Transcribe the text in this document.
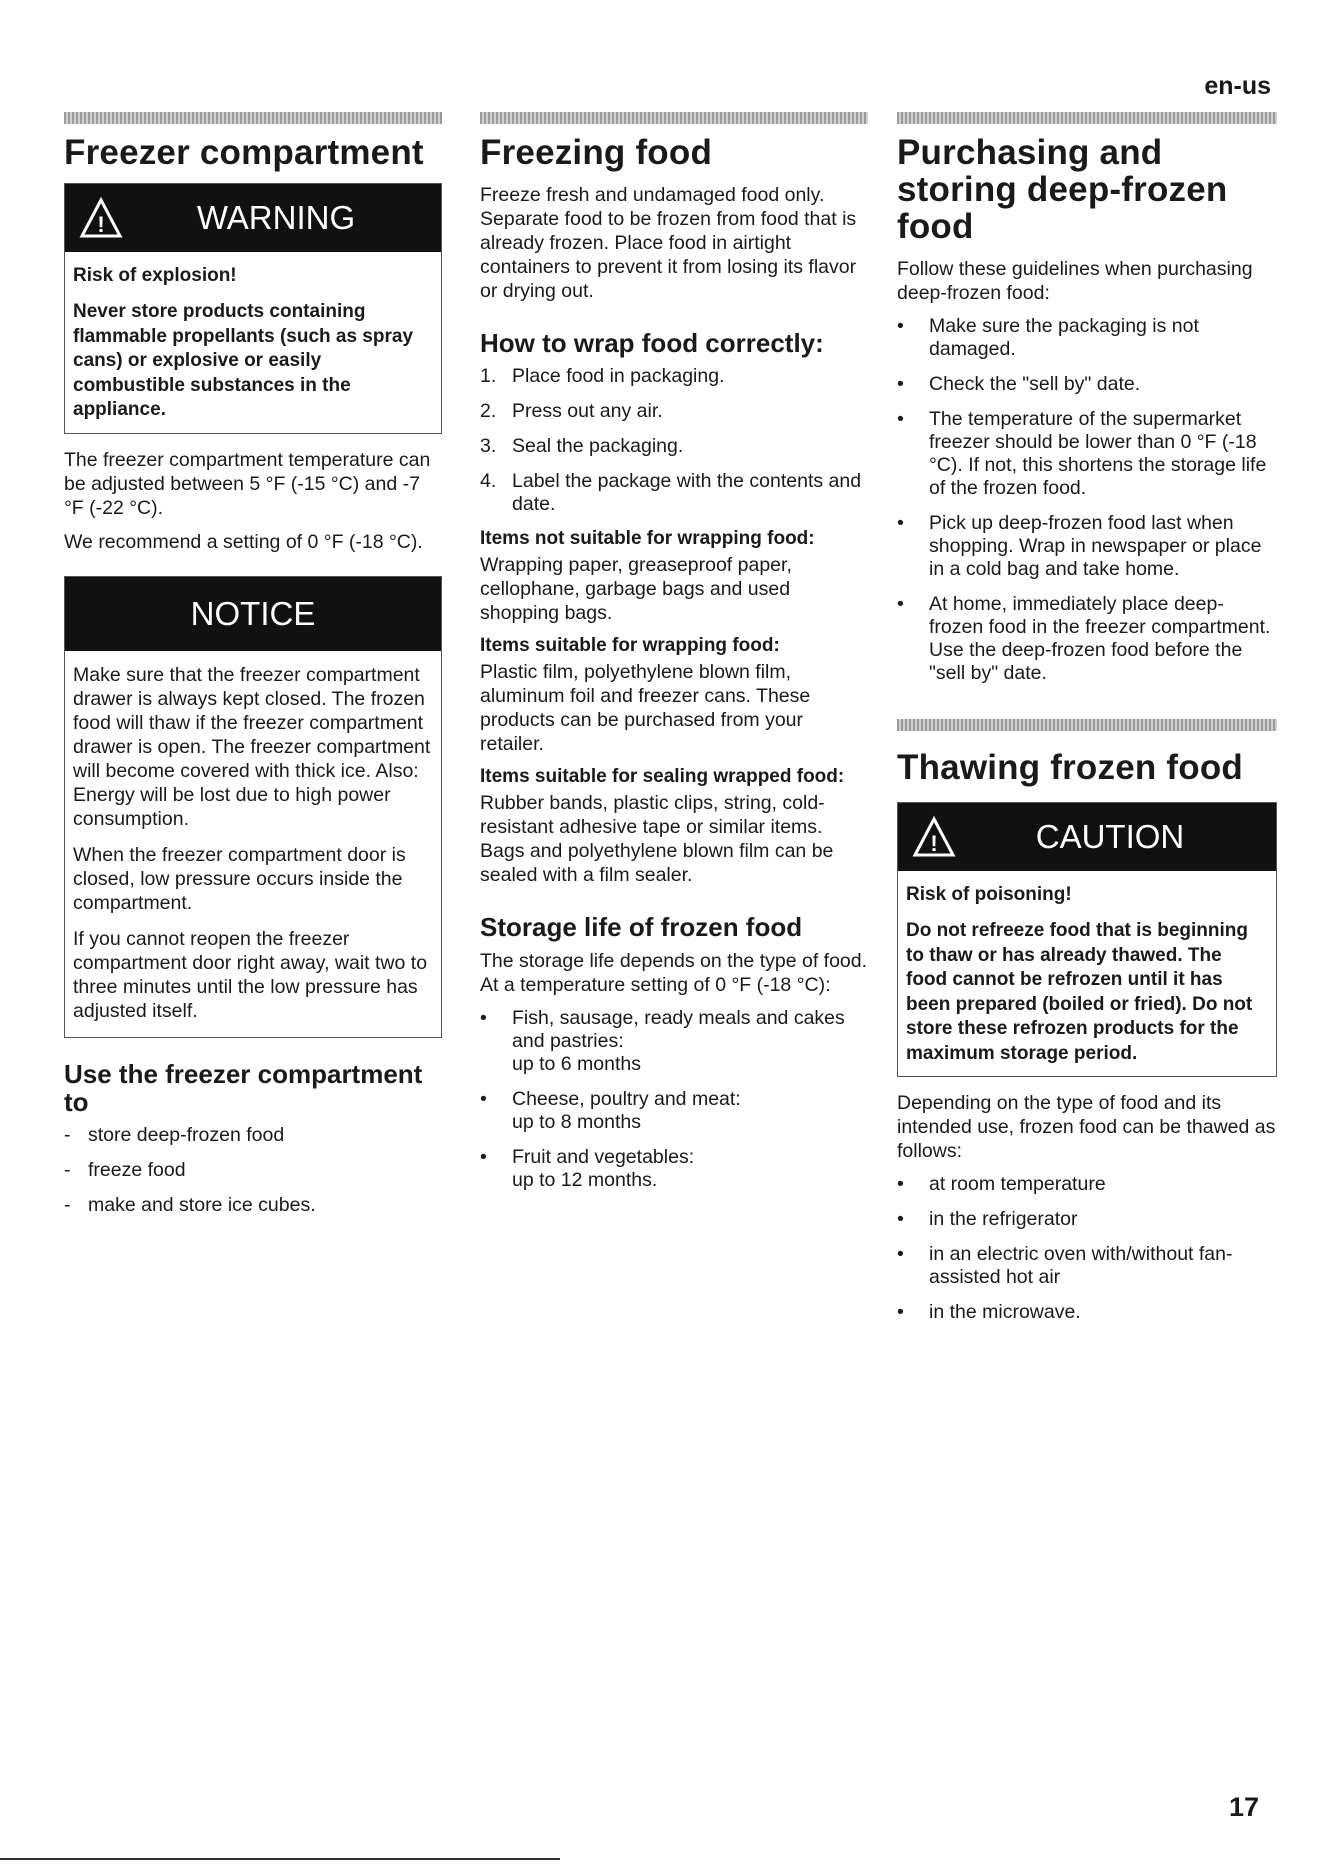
en-us
Freezer compartment
!	WARNING

Risk of explosion!

Never store products containing flammable propellants (such as spray cans) or explosive or easily combustible substances in the appliance.

The freezer compartment temperature can be adjusted between 5 °F (-15 °C) and -7 °F (-22 °C).

We recommend a setting of 0 °F (-18 °C).

NOTICE

Make sure that the freezer compartment drawer is always kept closed. The frozen food will thaw if the freezer compartment drawer is open. The freezer compartment will become covered with thick ice. Also: Energy will be lost due to high power consumption.

When the freezer compartment door is closed, low pressure occurs inside the compartment.

If you cannot reopen the freezer compartment door right away, wait two to three minutes until the low pressure has adjusted itself.

Use the freezer compartment to
- store deep-frozen food
- freeze food
- make and store ice cubes.
Freezing food

Freeze fresh and undamaged food only. Separate food to be frozen from food that is already frozen. Place food in airtight containers to prevent it from losing its flavor or drying out.

How to wrap food correctly:
1. Place food in packaging.
2. Press out any air.
3. Seal the packaging.
4. Label the package with the contents and date.
Items not suitable for wrapping food:

Wrapping paper, greaseproof paper, cellophane, garbage bags and used shopping bags.

Items suitable for wrapping food:

Plastic film, polyethylene blown film, aluminum foil and freezer cans. These products can be purchased from your retailer.

Items suitable for sealing wrapped food:

Rubber bands, plastic clips, string, cold-resistant adhesive tape or similar items.

Bags and polyethylene blown film can be sealed with a film sealer.

Storage life of frozen food

The storage life depends on the type of food. At a temperature setting of 0 °F (-18 °C):

•	Fish, sausage, ready meals and cakes and pastries:
up to 6 months
•	Cheese, poultry and meat:
up to 8 months
•	Fruit and vegetables:
up to 12 months.
Purchasing and storing deep-frozen food

Follow these guidelines when purchasing deep-frozen food:

•	Make sure the packaging is not damaged.
•	Check the "sell by" date.
•	The temperature of the supermarket freezer should be lower than 0 °F (-18 °C). If not, this shortens the storage life of the frozen food.
•	Pick up deep-frozen food last when shopping. Wrap in newspaper or place in a cold bag and take home.
•	At home, immediately place deep-frozen food in the freezer compartment. Use the deep-frozen food before the "sell by" date.
Thawing frozen food
!	CAUTION

Risk of poisoning!

Do not refreeze food that is beginning to thaw or has already thawed. The food cannot be refrozen until it has been prepared (boiled or fried). Do not store these refrozen products for the maximum storage period.

Depending on the type of food and its intended use, frozen food can be thawed as follows:

•	at room temperature
•	in the refrigerator
•	in an electric oven with/without fan-assisted hot air
•	in the microwave.
17
